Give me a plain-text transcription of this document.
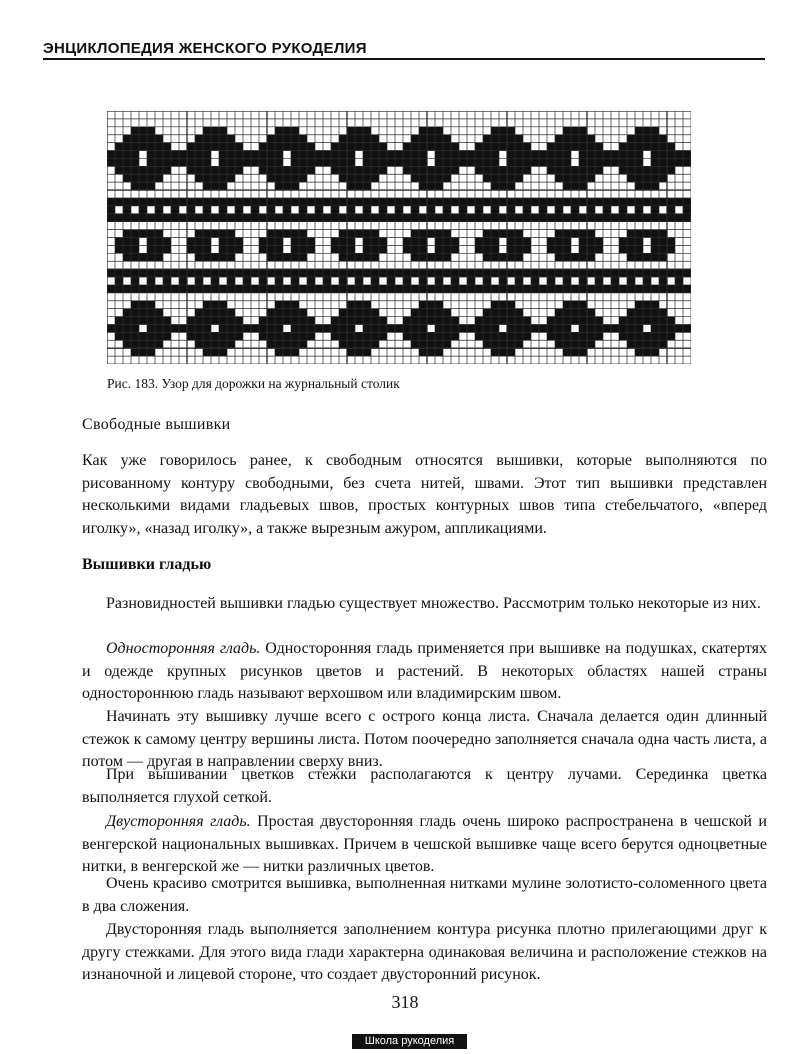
ЭНЦИКЛОПЕДИЯ ЖЕНСКОГО РУКОДЕЛИЯ
Рис. 183. Узор для дорожки на журнальный столик
Свободные вышивки

Как уже говорилось ранее, к свободным относятся вышивки, которые выполняются по рисованному контуру свободными, без счета нитей, швами. Этот тип вышивки представлен несколькими видами гладьевых швов, простых контурных швов типа стебельчатого, «вперед иголку», «назад иголку», а также вырезным ажуром, аппликациями.

Вышивки гладью

Разновидностей вышивки гладью существует множество. Рассмотрим только некоторые из них.

Односторонняя гладь. Односторонняя гладь применяется при вышивке на подушках, скатертях и одежде крупных рисунков цветов и растений. В некоторых областях нашей страны одностороннюю гладь называют верхошвом или владимирским швом.

Начинать эту вышивку лучше всего с острого конца листа. Сначала делается один длинный стежок к самому центру вершины листа. Потом поочередно заполняется сначала одна часть листа, а потом — другая в направлении сверху вниз.

При вышивании цветков стежки располагаются к центру лучами. Серединка цветка выполняется глухой сеткой.

Двусторонняя гладь. Простая двусторонняя гладь очень широко распространена в чешской и венгерской национальных вышивках. Причем в чешской вышивке чаще всего берутся одноцветные нитки, в венгерской же — нитки различных цветов.

Очень красиво смотрится вышивка, выполненная нитками мулине золотисто-соломенного цвета в два сложения.

Двусторонняя гладь выполняется заполнением контура рисунка плотно прилегающими друг к другу стежками. Для этого вида глади характерна одинаковая величина и расположение стежков на изнаночной и лицевой стороне, что создает двусторонний рисунок.

318
Школа рукоделия
